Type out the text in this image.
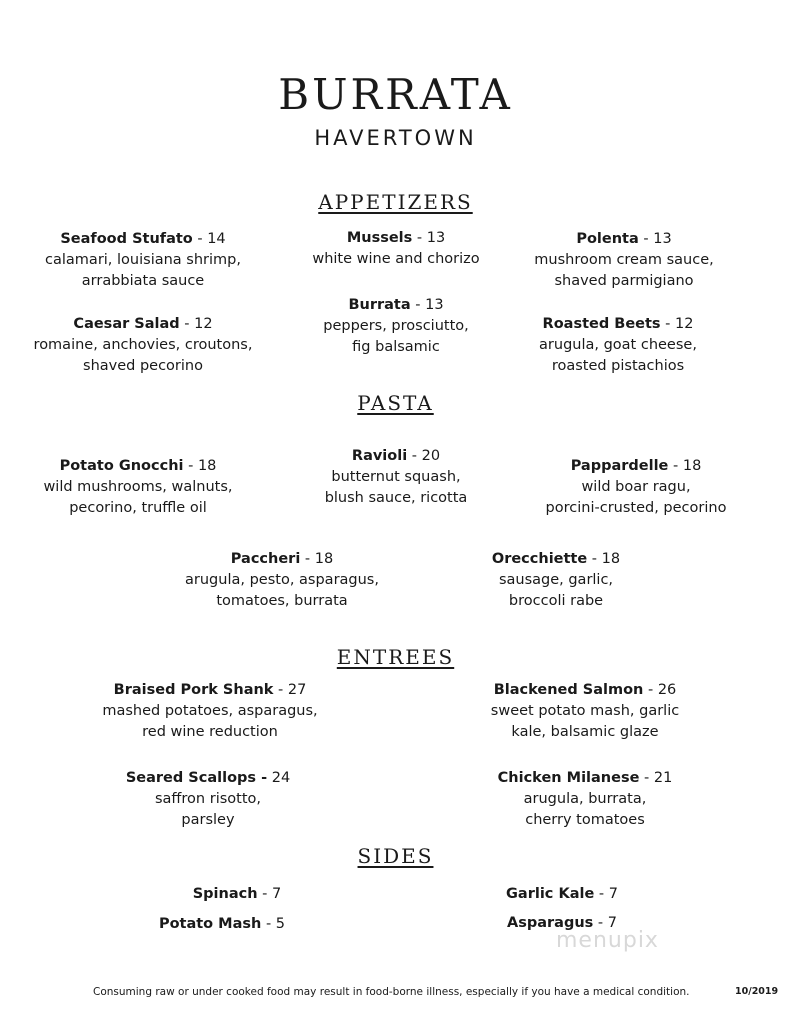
BURRATA
HAVERTOWN
APPETIZERS
Seafood Stufato - 14
calamari, louisiana shrimp,
arrabbiata sauce
Mussels - 13
white wine and chorizo
Polenta - 13
mushroom cream sauce,
shaved parmigiano
Caesar Salad - 12
romaine, anchovies, croutons,
shaved pecorino
Burrata - 13
peppers, prosciutto,
fig balsamic
Roasted Beets - 12
arugula, goat cheese,
roasted pistachios
PASTA
Potato Gnocchi - 18
wild mushrooms, walnuts,
pecorino, truffle oil
Ravioli - 20
butternut squash,
blush sauce, ricotta
Pappardelle - 18
wild boar ragu,
porcini-crusted, pecorino
Paccheri - 18
arugula, pesto, asparagus,
tomatoes, burrata
Orecchiette - 18
sausage, garlic,
broccoli rabe
ENTREES
Braised Pork Shank - 27
mashed potatoes, asparagus,
red wine reduction
Blackened Salmon - 26
sweet potato mash, garlic
kale, balsamic glaze
Seared Scallops - 24
saffron risotto,
parsley
Chicken Milanese - 21
arugula, burrata,
cherry tomatoes
SIDES
Spinach - 7	Garlic Kale - 7
Potato Mash - 5	Asparagus - 7
menupix
Consuming raw or under cooked food may result in food-borne illness, especially if you have a medical condition.	10/2019
